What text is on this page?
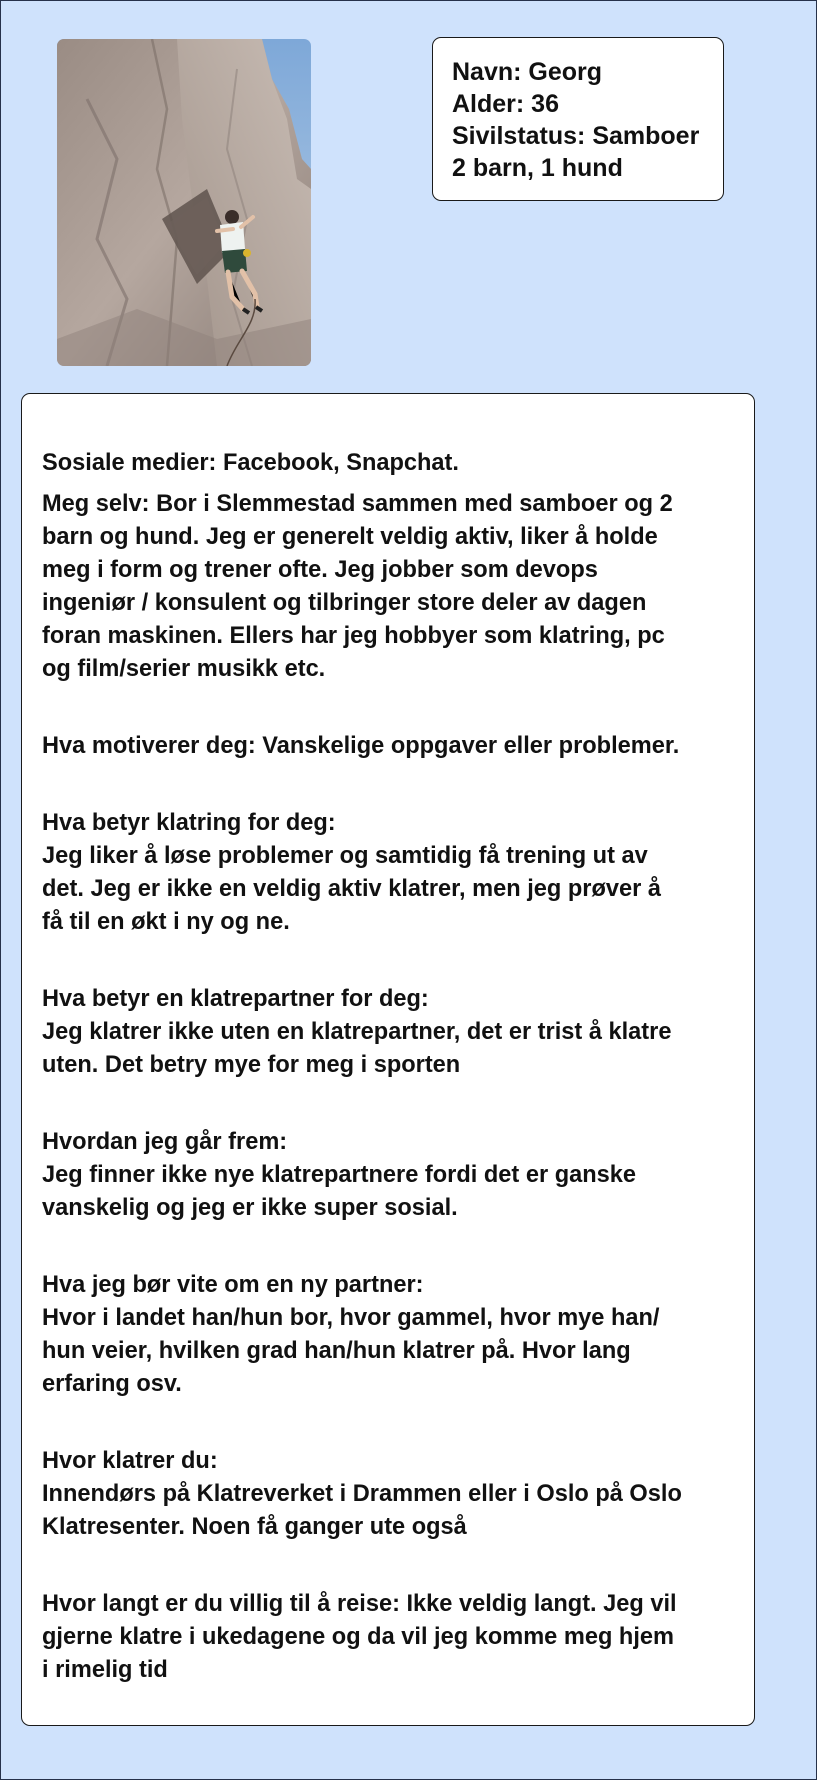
Navn: Georg
Alder: 36
Sivilstatus: Samboer
2 barn, 1 hund

Sosiale medier: Facebook, Snapchat.

Meg selv: Bor i Slemmestad sammen med samboer og 2
barn og hund. Jeg er generelt veldig aktiv, liker å holde
meg i form og trener ofte. Jeg jobber som devops
ingeniør / konsulent og tilbringer store deler av dagen
foran maskinen. Ellers har jeg hobbyer som klatring, pc
og film/serier musikk etc.

Hva motiverer deg: Vanskelige oppgaver eller problemer.

Hva betyr klatring for deg:
Jeg liker å løse problemer og samtidig få trening ut av
det. Jeg er ikke en veldig aktiv klatrer, men jeg prøver å
få til en økt i ny og ne.

Hva betyr en klatrepartner for deg:
Jeg klatrer ikke uten en klatrepartner, det er trist å klatre
uten. Det betry mye for meg i sporten

Hvordan jeg går frem:
Jeg finner ikke nye klatrepartnere fordi det er ganske
vanskelig og jeg er ikke super sosial.

Hva jeg bør vite om en ny partner:
Hvor i landet han/hun bor, hvor gammel, hvor mye han/
hun veier, hvilken grad han/hun klatrer på. Hvor lang
erfaring osv.

Hvor klatrer du:
Innendørs på Klatreverket i Drammen eller i Oslo på Oslo
Klatresenter. Noen få ganger ute også

Hvor langt er du villig til å reise: Ikke veldig langt. Jeg vil
gjerne klatre i ukedagene og da vil jeg komme meg hjem
i rimelig tid
